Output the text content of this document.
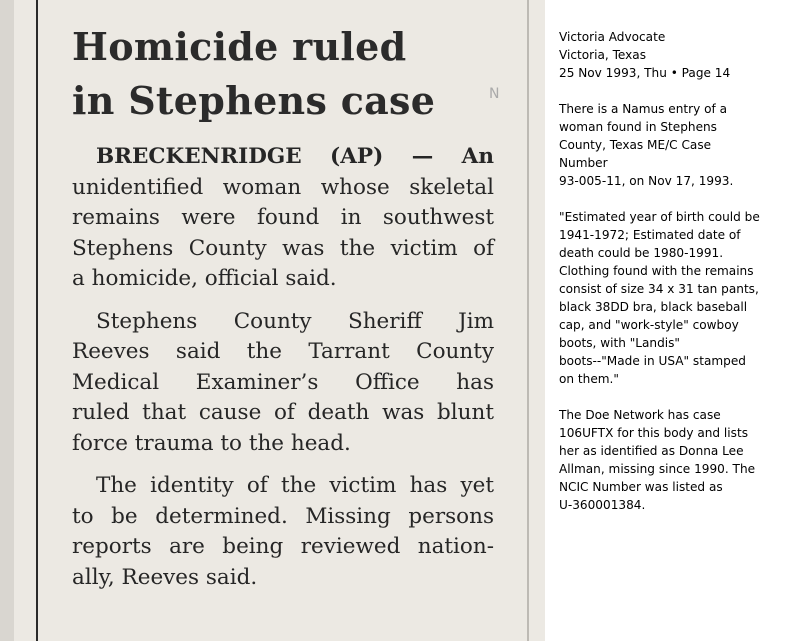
Homicide ruled
in Stephens case	N

BRECKENRIDGE (AP) — An
unidentified woman whose skeletal
remains were found in southwest
Stephens County was the victim of
a homicide, official said.

Stephens County Sheriff Jim
Reeves said the Tarrant County
Medical Examiner’s Office has
ruled that cause of death was blunt
force trauma to the head.

The identity of the victim has yet
to be determined. Missing persons
reports are being reviewed nation-
ally, Reeves said.

Victoria Advocate
Victoria, Texas
25 Nov 1993, Thu • Page 14
There is a Namus entry of a
woman found in Stephens
County, Texas ME/C Case
Number
93-005-11, on Nov 17, 1993.
"Estimated year of birth could be
1941-1972; Estimated date of
death could be 1980-1991.
Clothing found with the remains
consist of size 34 x 31 tan pants,
black 38DD bra, black baseball
cap, and "work-style" cowboy
boots, with "Landis"
boots--"Made in USA" stamped
on them."
The Doe Network has case
106UFTX for this body and lists
her as identified as Donna Lee
Allman, missing since 1990. The
NCIC Number was listed as
U-360001384.
